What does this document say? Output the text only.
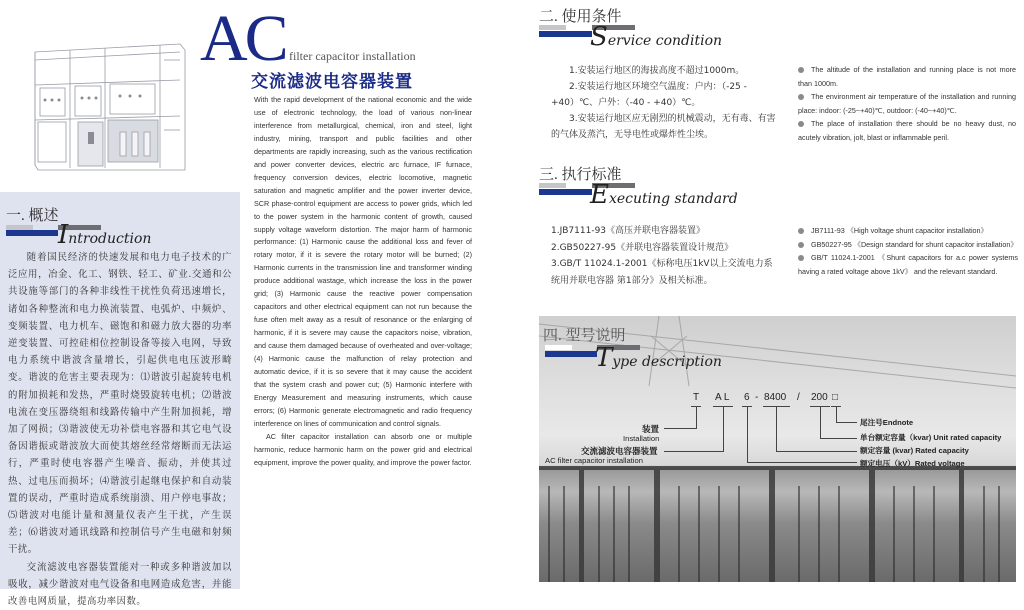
AC filter capacitor installation
交流滤波电容器装置

With the rapid development of the national economic and the wide use of electronic technology, the load of various non-linear interference from metallurgical, chemical, iron and steel, light industry, mining, transport and public facilities and other departments are rapidly increasing, such as the various rectification and power converter devices, electric arc furnace, IF furnace, frequency conversion devices, electric locomotive, magnetic saturation and magnetic amplifier and the power inverter device, SCR phase-control equipment are access to power grids, which led to the power system in the harmonic content of growth, caused supply voltage waveform distortion. The major harm of harmonic performance: (1) Harmonic cause the additional loss and fever of rotary motor, if it is severe the rotary motor will be burned; (2) Harmonic currents in the transmission line and transformer winding produce additional wastage, which increase the loss in the power grid; (3) Harmonic cause the reactive power compensation capacitors and other electrical equipment can not run because the fuse often melt away as a result of resonance or the enlarging of harmonic, if it is severe may cause the capacitors noise, vibration, and cause them damaged because of overheated and over-voltage; (4) Harmonic cause the malfunction of relay protection and automatic device, if it is so severe that it may cause the accident that the system crash and power cut; (5) Harmonic interfere with Energy Measurement and measuring instruments, which cause errors; (6) Harmonic generate electromagnetic and radio frequency interference on lines of communication and control signals.

AC filter capacitor installation can absorb one or multiple harmonic, reduce harmonic harm on the power grid and electrical equipment, improve the power quality, and improve the power factor.

一. 概述
Introduction

随着国民经济的快速发展和电力电子技术的广泛应用，冶金、化工、钢铁、轻工、矿业.交通和公共设施等部门的各种非线性干扰性负荷迅速增长，诸如各种整流和电力换流装置、电弧炉、中频炉、变频装置、电力机车、磁饱和和磁力放大器的功率逆变装置、可控硅相位控制设备等接入电网，导致电力系统中谐波含量增长，引起供电电压波形畸变。谐波的危害主要表现为：⑴谐波引起旋转电机的附加损耗和发热，严重时烧毁旋转电机；⑵谐波电流在变压器绕组和线路传输中产生附加损耗，增加了网损；⑶谐波使无功补偿电容器和其它电气设备因谐振或谐波放大而使其熔丝经常熔断而无法运行，严重时使电容器产生噪音、振动，并使其过热、过电压而损坏；⑷谐波引起继电保护和自动装置的误动，严重时造成系统崩溃、用户停电事故；⑸谐波对电能计量和测量仪表产生干扰，产生误差；⑹谐波对通讯线路和控制信号产生电磁和射频干扰。

交流滤波电容器装置能对一种或多种谐波加以吸收，减少谐波对电气设备和电网造成危害，并能改善电网质量，提高功率因数。

二. 使用条件
Service condition

1.安装运行地区的海拔高度不超过1000m。

2.安装运行地区环境空气温度：户内：（-25 - +40）℃、户外：（-40 - +40）℃。

3.安装运行地区应无剧烈的机械震动，无有毒、有害的气体及蒸汽，无导电性或爆炸性尘埃。

The altitude of the installation and running place is not more than 1000m.

The environment air temperature of the installation and running place: indoor: (-25~+40)℃, outdoor: (-40~+40)℃.

The place of installation there should be no heavy dust, no acutely vibration, jolt, blast or inflammable peril.

三. 执行标准
Executing standard

1.JB7111-93《高压并联电容器装置》

2.GB50227-95《并联电容器装置设计规范》

3.GB/T 11024.1-2001《标称电压1kV以上交流电力系统用并联电容器 第1部分》及相关标准。

JB7111-93 《High voltage shunt capacitor installation》

GB50227-95 《Design standard for shunt capacitor installation》

GB/T 11024.1-2001 《Shunt capacitors for a.c power systems having a rated voltage above 1kV》 and the relevant standard.

四. 型号说明
Type description
T A L 6 - 8400 / 200 □
装置
Installation
交流滤波电容器装置
AC filter capacitor installation
尾注号Endnote
单台额定容量（kvar) Unit rated capacity
额定容量 (kvar) Rated capacity
额定电压（kV）Rated voltage
